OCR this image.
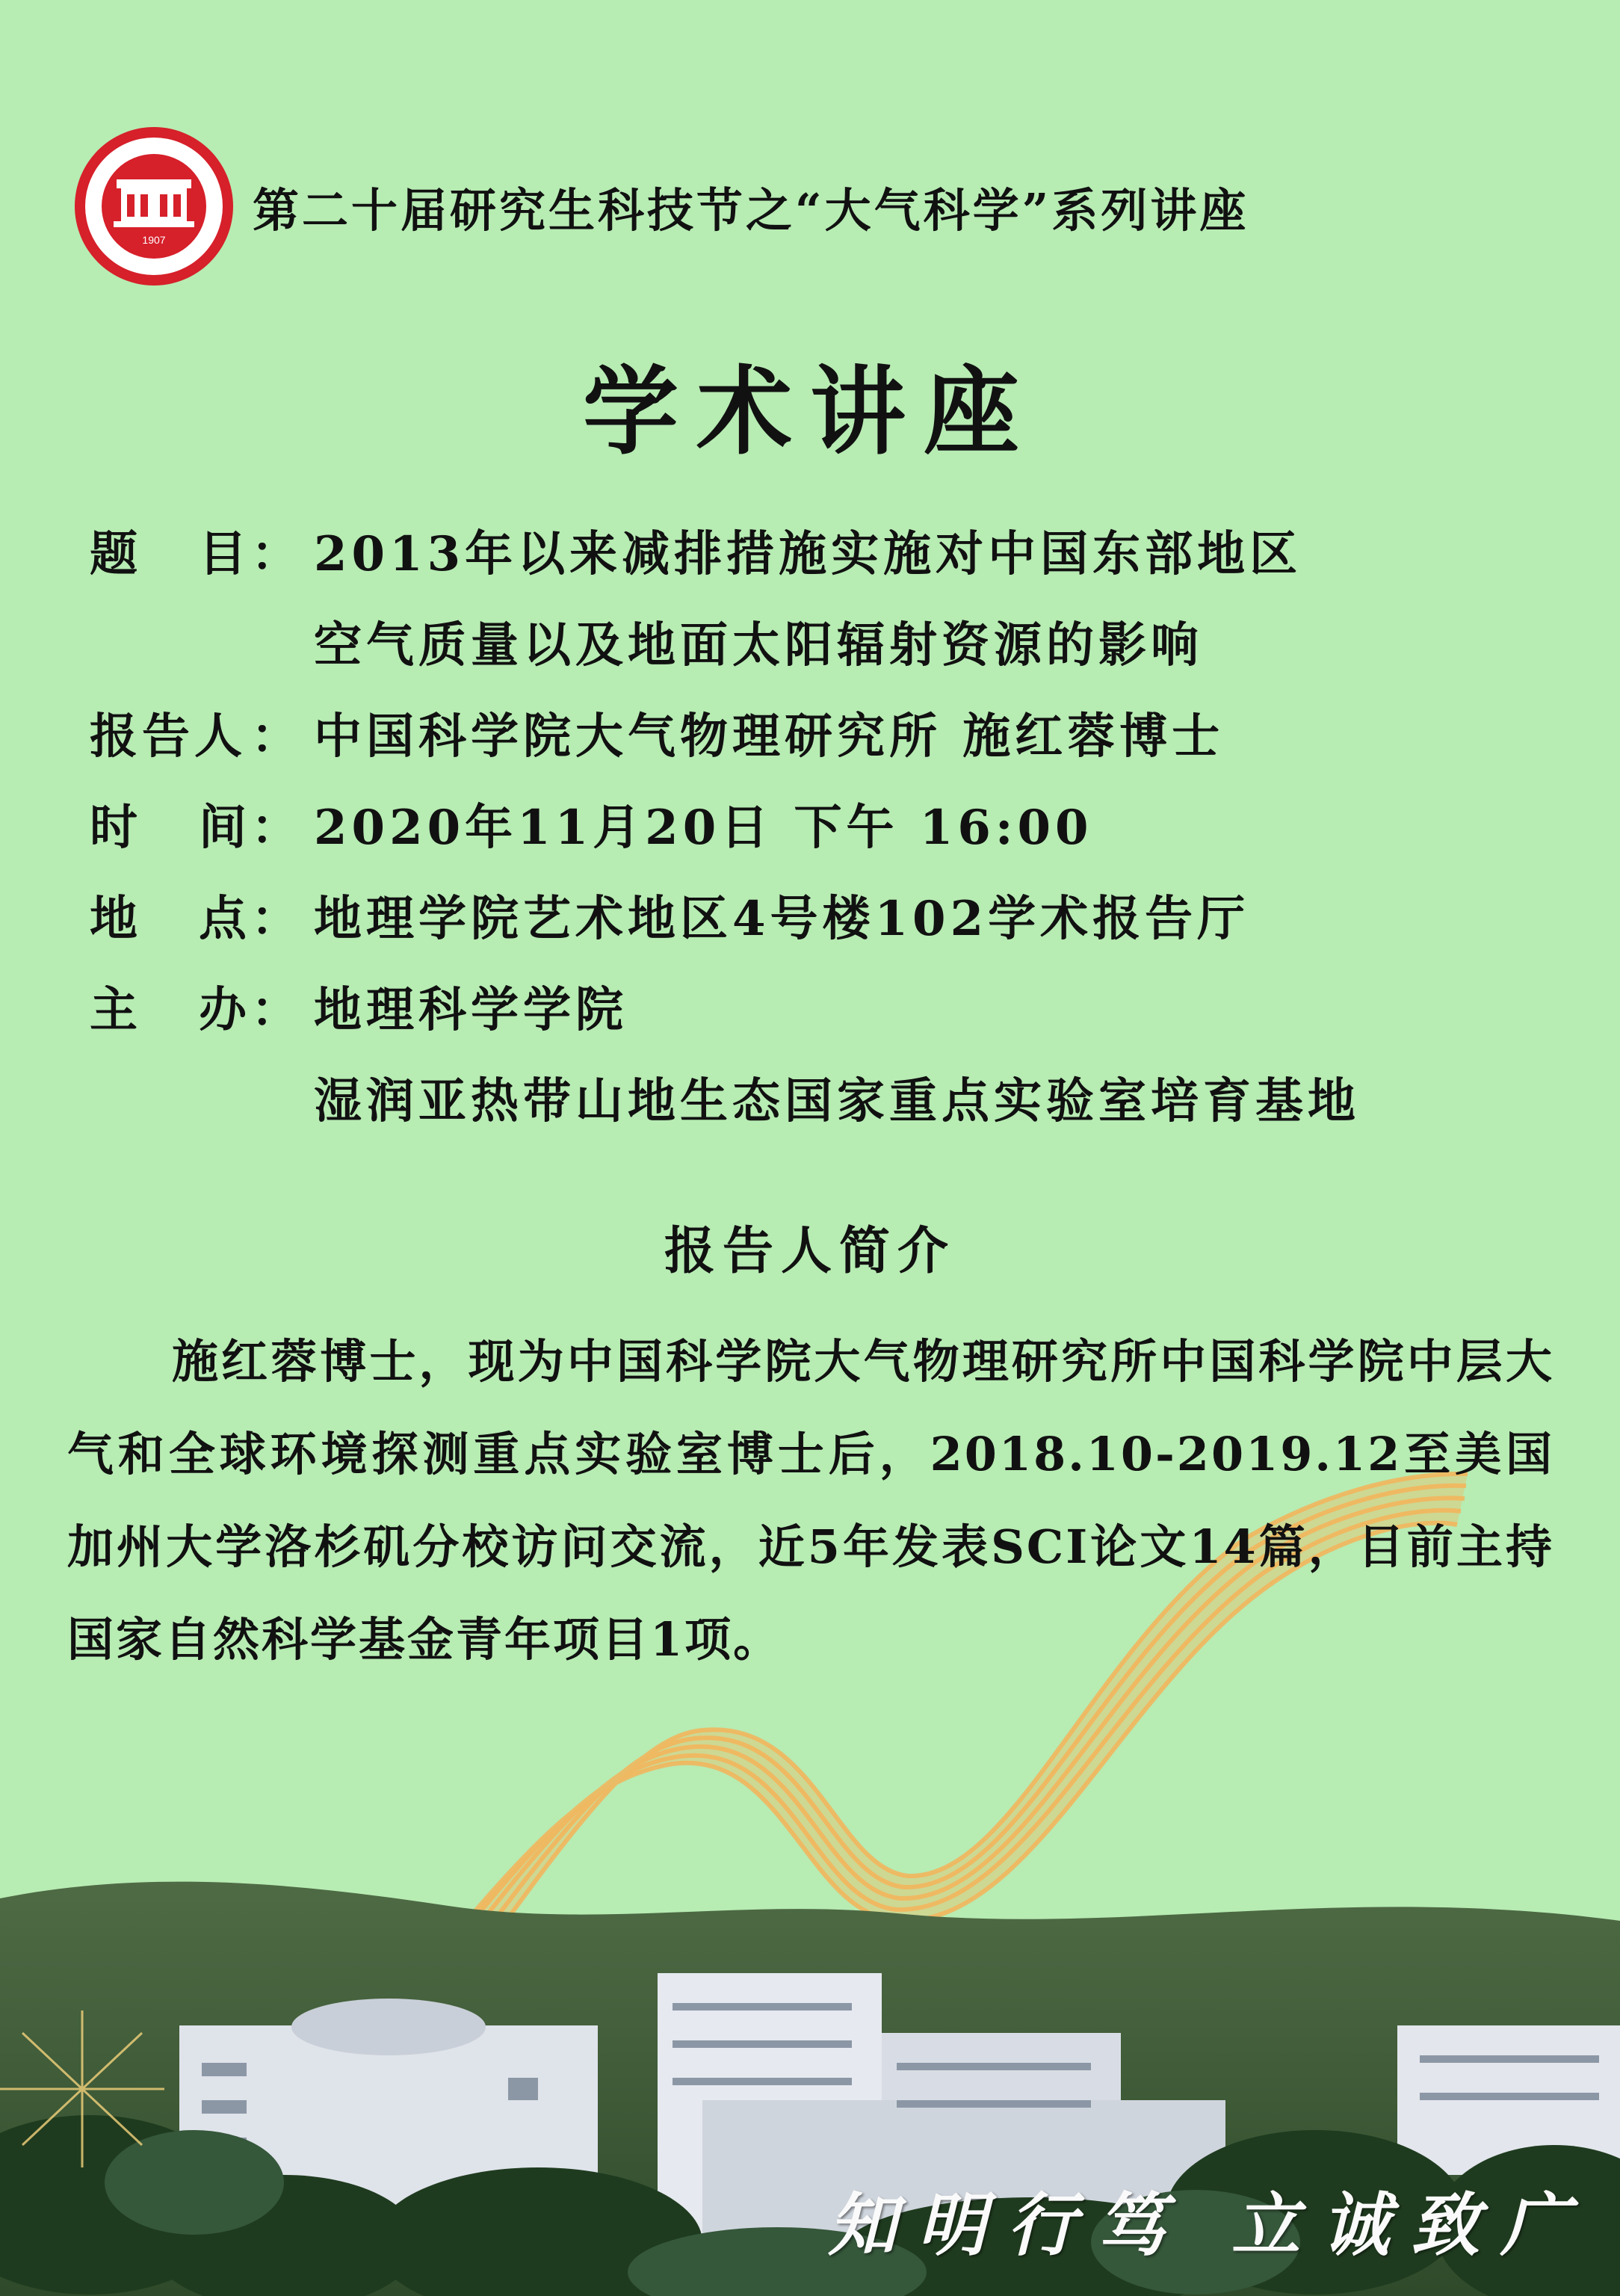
1907
第二十届研究生科技节之“大气科学”系列讲座
学术讲座
题 目 ： 2013年以来减排措施实施对中国东部地区
空气质量以及地面太阳辐射资源的影响
报告人 ： 中国科学院大气物理研究所 施红蓉博士
时 间 ： 2020年11月20日 下午 16:00
地 点 ： 地理学院艺术地区4号楼102学术报告厅
主 办 ： 地理科学学院
湿润亚热带山地生态国家重点实验室培育基地
报告人简介
施红蓉博士，现为中国科学院大气物理研究所中国科学院中层大气和全球环境探测重点实验室博士后，2018.10-2019.12至美国加州大学洛杉矶分校访问交流，近5年发表SCI论文14篇，目前主持国家自然科学基金青年项目1项。
知明行笃 立诚致广
